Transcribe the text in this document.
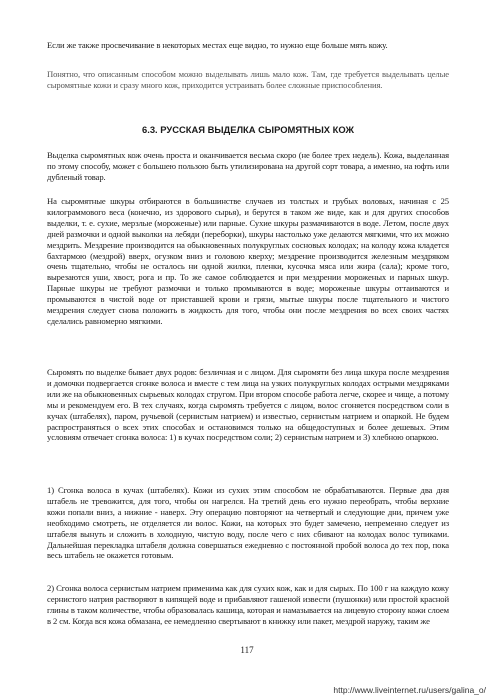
Если же также просвечивание в некоторых местах еще видно, то нужно еще больше мять кожу.

Понятно, что описанным способом можно выделывать лишь мало кож. Там, где требуется выделывать целые сыромятные кожи и сразу много кож, приходится устраивать более сложные приспособления.

6.3. РУССКАЯ ВЫДЕЛКА СЫРОМЯТНЫХ КОЖ

Выделка сыромятных кож очень проста и оканчивается весьма скоро (не более трех недель). Кожа, выделанная по этому способу, может с большею пользою быть утилизирована на другой сорт товара, а именно, на юфть или дубленый товар.

На сыромятные шкуры отбираются в большинстве случаев из толстых и грубых воловых, начиная с 25 килограммового веса (конечно, из здорового сырья), и берутся в таком же виде, как и для других способов выделки, т. е. сухие, мерзлые (мороженые) или парные. Сухие шкуры размачиваются в воде. Летом, после двух дней размочки и одной выколки на лебяди (переборки), шкуры настолько уже делаются мягкими, что их можно мездрить. Мездрение производится на обыкновенных полукруглых сосновых колодах; на колоду кожа кладется бахтармою (мездрой) вверх, огузком вниз и головою кверху; мездрение производится железным мездряком очень тщательно, чтобы не осталось ни одной жилки, пленки, кусочка мяса или жира (сала); кроме того, вырезаются уши, хвост, рога и пр. То же самое соблюдается и при мездрении мороженых и парных шкур. Парные шкуры не требуют размочки и только промываются в воде; мороженые шкуры оттаиваются и промываются в чистой воде от приставшей крови и грязи, мытые шкуры после тщательного и чистого мездрения следует снова положить в жидкость для того, чтобы они после мездрения во всех своих частях сделались равномерно мягкими.

Сыромять по выделке бывает двух родов: безличная и с лицом. Для сыромяти без лица шкура после мездрения и домочки подвергается сгонке волоса и вместе с тем лица на узких полукруглых колодах острыми мездряками или же на обыкновенных сырьевых колодах стругом. При втором способе работа легче, скорее и чище, а потому мы и рекомендуем его. В тех случаях, когда сыромять требуется с лицом, волос сгоняется посредством соли в кучах (штабелях), паром, ручьевой (сернистым натрием) и известью, сернистым натрием и опаркой. Не будем распространяться о всех этих способах и остановимся только на общедоступных и более дешевых. Этим условиям отвечает сгонка волоса: 1) в кучах посредством соли; 2) сернистым натрием и 3) хлебною опаркою.

1) Сгонка волоса в кучах (штабелях). Кожи из сухих этим способом не обрабатываются. Первые два дня штабель не тревожится, для того, чтобы он нагрелся. На третий день его нужно переобрать, чтобы верхние кожи попали вниз, а нижние - наверх. Эту операцию повторяют на четвертый и следующие дни, причем уже необходимо смотреть, не отделяется ли волос. Кожи, на которых это будет замечено, непременно следует из штабеля вынуть и сложить в холодную, чистую воду, после чего с них сбивают на колодах волос тупиками. Дальнейшая перекладка штабеля должна совершаться ежедневно с постоянной пробой волоса до тех пор, пока весь штабель не окажется готовым.

2) Сгонка волоса сернистым натрием применима как для сухих кож, как и для сырых. По 100 г на каждую кожу сернистого натрия растворяют в кипящей воде и прибавляют гашеной извести (пушонки) или простой красной глины в таком количестве, чтобы образовалась кашица, которая и намазывается на лицевую сторону кожи слоем в 2 см. Когда вся кожа обмазана, ее немедленно свертывают в книжку или пакет, мездрой наружу, таким же

117
http://www.liveinternet.ru/users/galina_o/
